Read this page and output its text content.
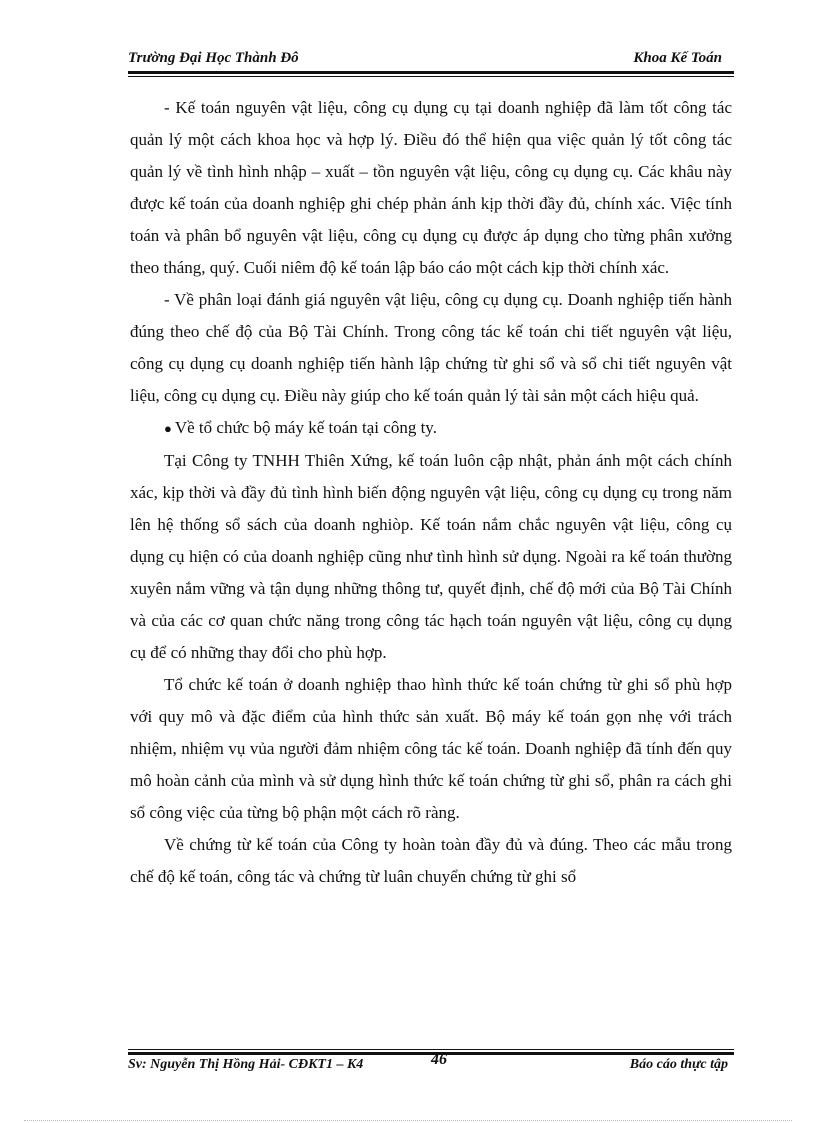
Trường Đại Học Thành Đô	Khoa Kế Toán

- Kế toán nguyên vật liệu, công cụ dụng cụ tại doanh nghiệp đã làm tốt công tác quản lý một cách khoa học và hợp lý. Điều đó thể hiện qua việc quản lý tốt công tác quản lý về tình hình nhập – xuất – tồn nguyên vật liệu, công cụ dụng cụ. Các khâu này được kế toán của doanh nghiệp ghi chép phản ánh kịp thời đầy đủ, chính xác. Việc tính toán và phân bổ nguyên vật liệu, công cụ dụng cụ được áp dụng cho từng phân xưởng theo tháng, quý. Cuối niêm độ kế toán lập báo cáo một cách kịp thời chính xác.

- Về phân loại đánh giá nguyên vật liệu, công cụ dụng cụ. Doanh nghiệp tiến hành đúng theo chế độ của Bộ Tài Chính. Trong công tác kế toán chi tiết nguyên vật liệu, công cụ dụng cụ doanh nghiệp tiến hành lập chứng từ ghi sổ và sổ chi tiết nguyên vật liệu, công cụ dụng cụ. Điều này giúp cho kế toán quản lý tài sản một cách hiệu quả.

● Về tổ chức bộ máy kế toán tại công ty.

Tại Công ty TNHH Thiên Xứng, kế toán luôn cập nhật, phản ánh một cách chính xác, kịp thời và đầy đủ tình hình biến động nguyên vật liệu, công cụ dụng cụ trong năm lên hệ thống sổ sách của doanh nghiòp. Kế toán nắm chắc nguyên vật liệu, công cụ dụng cụ hiện có của doanh nghiệp cũng như tình hình sử dụng. Ngoài ra kế toán thường xuyên nắm vững và tận dụng những thông tư, quyết định, chế độ mới của Bộ Tài Chính và của các cơ quan chức năng trong công tác hạch toán nguyên vật liệu, công cụ dụng cụ để có những thay đổi cho phù hợp.

Tổ chức kế toán ở doanh nghiệp thao hình thức kế toán chứng từ ghi sổ phù hợp với quy mô và đặc điểm của hình thức sản xuất. Bộ máy kế toán gọn nhẹ với trách nhiệm, nhiệm vụ vủa người đảm nhiệm công tác kế toán. Doanh nghiệp đã tính đến quy mô hoàn cảnh của mình và sử dụng hình thức kế toán chứng từ ghi sổ, phân ra cách ghi sổ công việc của từng bộ phận một cách rõ ràng.

Về chứng từ kế toán của Công ty hoàn toàn đầy đủ và đúng. Theo các mẫu trong chế độ kế toán, công tác và chứng từ luân chuyển chứng từ ghi sổ

Sv: Nguyễn Thị Hồng Hải- CĐKT1 – K4	46	Báo cáo thực tập
